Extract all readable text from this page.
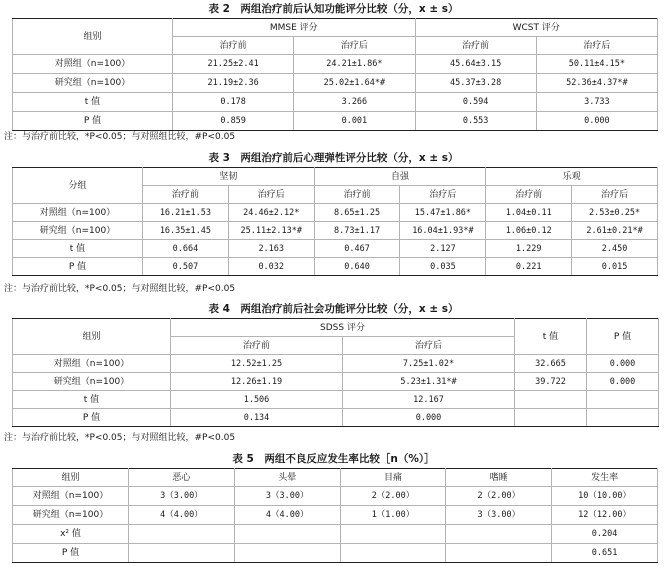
表 2　两组治疗前后认知功能评分比较（分，x ± s）
组别	MMSE 评分		WCST 评分	
	治疗前	治疗后	治疗前	治疗后
对照组（n=100）	21.25±2.41	24.21±1.86*	45.64±3.15	50.11±4.15*
研究组（n=100）	21.19±2.36	25.02±1.64*#	45.37±3.28	52.36±4.37*#
t 值	0.178	3.266	0.594	3.733
P 值	0.859	0.001	0.553	0.000
注：与治疗前比较，*P<0.05；与对照组比较，#P<0.05
表 3　两组治疗前后心理弹性评分比较（分，x ± s）
分组	坚韧		自强		乐观	
	治疗前	治疗后	治疗前	治疗后	治疗前	治疗后
对照组（n=100）	16.21±1.53	24.46±2.12*	8.65±1.25	15.47±1.86*	1.04±0.11	2.53±0.25*
研究组（n=100）	16.35±1.45	25.11±2.13*#	8.73±1.17	16.04±1.93*#	1.06±0.12	2.61±0.21*#
t 值	0.664	2.163	0.467	2.127	1.229	2.450
P 值	0.507	0.032	0.640	0.035	0.221	0.015
注：与治疗前比较，*P<0.05；与对照组比较，#P<0.05
表 4　两组治疗前后社会功能评分比较（分，x ± s）
组别	SDSS 评分		t 值	P 值
	治疗前	治疗后		
对照组（n=100）	12.52±1.25	7.25±1.02*	32.665	0.000
研究组（n=100）	12.26±1.19	5.23±1.31*#	39.722	0.000
t 值	1.506	12.167		
P 值	0.134	0.000		
注：与治疗前比较，*P<0.05；与对照组比较，#P<0.05
表 5　两组不良反应发生率比较［n（%）］
组别	恶心	头晕	目痛	嗜睡	发生率
对照组（n=100）	3（3.00）	3（3.00）	2（2.00）	2（2.00）	10（10.00）
研究组（n=100）	4（4.00）	4（4.00）	1（1.00）	3（3.00）	12（12.00）
x² 值					0.204
P 值					0.651
